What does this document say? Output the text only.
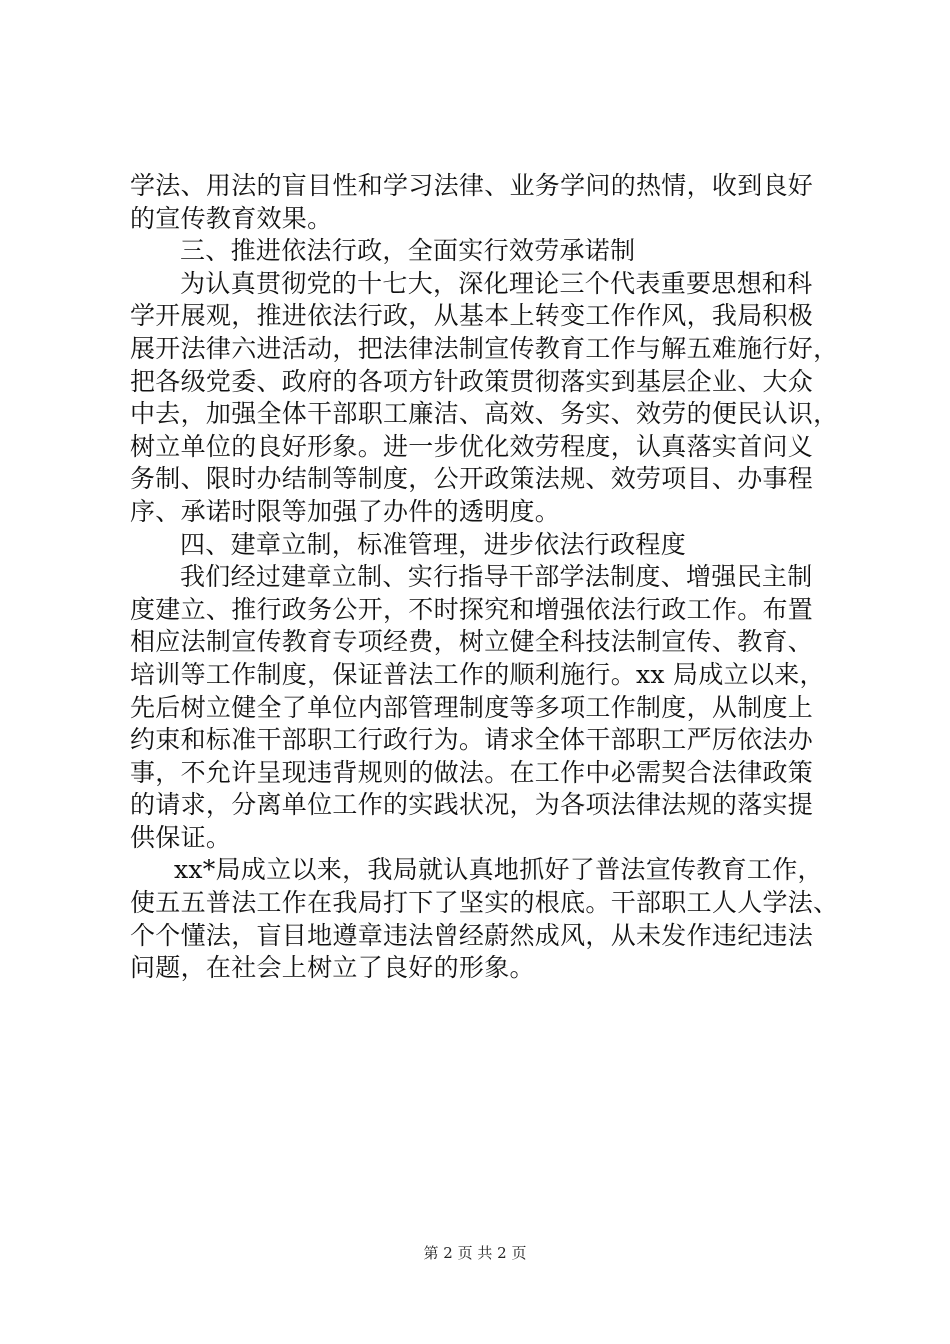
学法、用法的盲目性和学习法律、业务学问的热情，收到良好
的宣传教育效果。
三、推进依法行政，全面实行效劳承诺制
为认真贯彻党的十七大，深化理论三个代表重要思想和科
学开展观，推进依法行政，从基本上转变工作作风，我局积极
展开法律六进活动，把法律法制宣传教育工作与解五难施行好，
把各级党委、政府的各项方针政策贯彻落实到基层企业、大众
中去，加强全体干部职工廉洁、高效、务实、效劳的便民认识，
树立单位的良好形象。进一步优化效劳程度，认真落实首问义
务制、限时办结制等制度，公开政策法规、效劳项目、办事程
序、承诺时限等加强了办件的透明度。
四、建章立制，标准管理，进步依法行政程度
我们经过建章立制、实行指导干部学法制度、增强民主制
度建立、推行政务公开，不时探究和增强依法行政工作。布置
相应法制宣传教育专项经费，树立健全科技法制宣传、教育、
培训等工作制度，保证普法工作的顺利施行。xx 局成立以来，
先后树立健全了单位内部管理制度等多项工作制度，从制度上
约束和标准干部职工行政行为。请求全体干部职工严厉依法办
事，不允许呈现违背规则的做法。在工作中必需契合法律政策
的请求，分离单位工作的实践状况，为各项法律法规的落实提
供保证。
xx*局成立以来，我局就认真地抓好了普法宣传教育工作，
使五五普法工作在我局打下了坚实的根底。干部职工人人学法、
个个懂法，盲目地遵章违法曾经蔚然成风，从未发作违纪违法
问题，在社会上树立了良好的形象。
第 2 页 共 2 页
